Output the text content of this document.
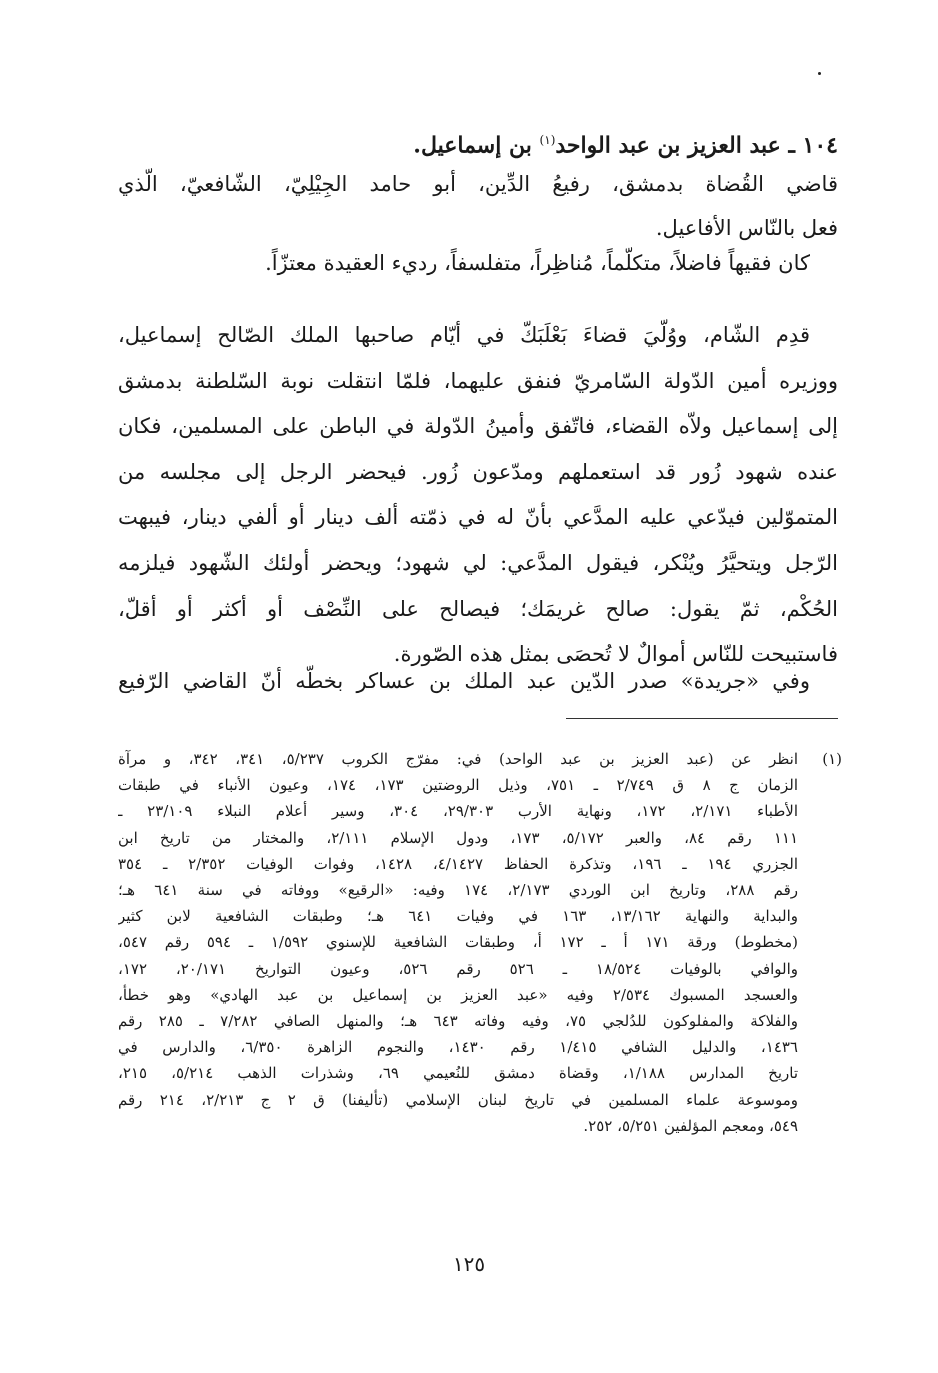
١٠٤ ـ عبد العزيز بن عبد الواحد$^{(١)}$ بن إسماعيل.
قاضي القُضاة بدمشق، رفيعُ الدِّين، أبو حامد الجِيْلِيّ، الشّافعيّ، الّذي
فعل بالنّاس الأفاعيل.
كان فقيهاً فاضلاً، متكلّماً، مُناظِراً، متفلسفاً، رديء العقيدة معتزّاً.
قدِم الشّام، ووُلّيَ قضاءَ بَعْلَبَكّ في أيّام صاحبها الملك الصّالح إسماعيل،
ووزيره أمين الدّولة السّامريّ فنفق عليهما، فلمّا انتقلت نوبة السّلطنة بدمشق
إلى إسماعيل ولاّه القضاء، فاتّفق وأمينُ الدّولة في الباطن على المسلمين، فكان
عنده شهود زُور قد استعملهم ومدّعون زُور. فيحضر الرجل إلى مجلسه من
المتموّلين فيدّعي عليه المدَّعي بأنّ له في ذمّته ألف دينار أو ألفي دينار، فيبهت
الرّجل ويتحيَّرُ ويُنْكر، فيقول المدَّعي: لي شهود؛ ويحضر أولئك الشّهود فيلزمه
الحُكْم، ثمّ يقول: صالح غريمَك؛ فيصالح على النِّصْف أو أكثر أو أقلّ،
فاستبيحت للنّاس أموالٌ لا تُحصَى بمثل هذه الصّورة.
وفي «جريدة» صدر الدّين عبد الملك بن عساكر بخطّه أنّ القاضي الرّفيع
(١)
انظر عن (عبد العزيز بن عبد الواحد) في: مفرّج الكروب ٥/٢٣٧، ٣٤١، ٣٤٢، و مرآة
الزمان ج ٨ ق ٢/٧٤٩ ـ ٧٥١، وذيل الروضتين ١٧٣، ١٧٤، وعيون الأنباء في طبقات
الأطباء ٢/١٧١، ١٧٢، ونهاية الأرب ٢٩/٣٠٣، ٣٠٤، وسير أعلام النبلاء ٢٣/١٠٩ ـ
١١١ رقم ٨٤، والعبر ٥/١٧٢، ١٧٣، ودول الإسلام ٢/١١١، والمختار من تاريخ ابن
الجزري ١٩٤ ـ ١٩٦، وتذكرة الحفاظ ٤/١٤٢٧، ١٤٢٨، وفوات الوفيات ٢/٣٥٢ ـ ٣٥٤
رقم ٢٨٨، وتاريخ ابن الوردي ٢/١٧٣، ١٧٤ وفيه: «الرقيع» ووفاته في سنة ٦٤١ هـ؛
والبداية والنهاية ١٣/١٦٢، ١٦٣ في وفيات ٦٤١ هـ؛ وطبقات الشافعية لابن كثير
(مخطوط) ورقة ١٧١ أ ـ ١٧٢ أ، وطبقات الشافعية للإسنوي ١/٥٩٢ ـ ٥٩٤ رقم ٥٤٧،
والوافي بالوفيات ١٨/٥٢٤ ـ ٥٢٦ رقم ٥٢٦، وعيون التواريخ ٢٠/١٧١، ١٧٢،
والعسجد المسبوك ٢/٥٣٤ وفيه «عبد العزيز بن إسماعيل بن عبد الهادي» وهو خطأ،
والفلاكة والمفلوكون للدُلجي ٧٥، وفيه وفاته ٦٤٣ هـ؛ والمنهل الصافي ٧/٢٨٢ ـ ٢٨٥ رقم
١٤٣٦، والدليل الشافي ١/٤١٥ رقم ١٤٣٠، والنجوم الزاهرة ٦/٣٥٠، والدارس في
تاريخ المدارس ١/١٨٨، وقضاة دمشق للنُعيمي ٦٩، وشذرات الذهب ٥/٢١٤، ٢١٥،
وموسوعة علماء المسلمين في تاريخ لبنان الإسلامي (تأليفنا) ق ٢ ج ٢/٢١٣، ٢١٤ رقم
٥٤٩، ومعجم المؤلفين ٥/٢٥١، ٢٥٢.
١٢٥
